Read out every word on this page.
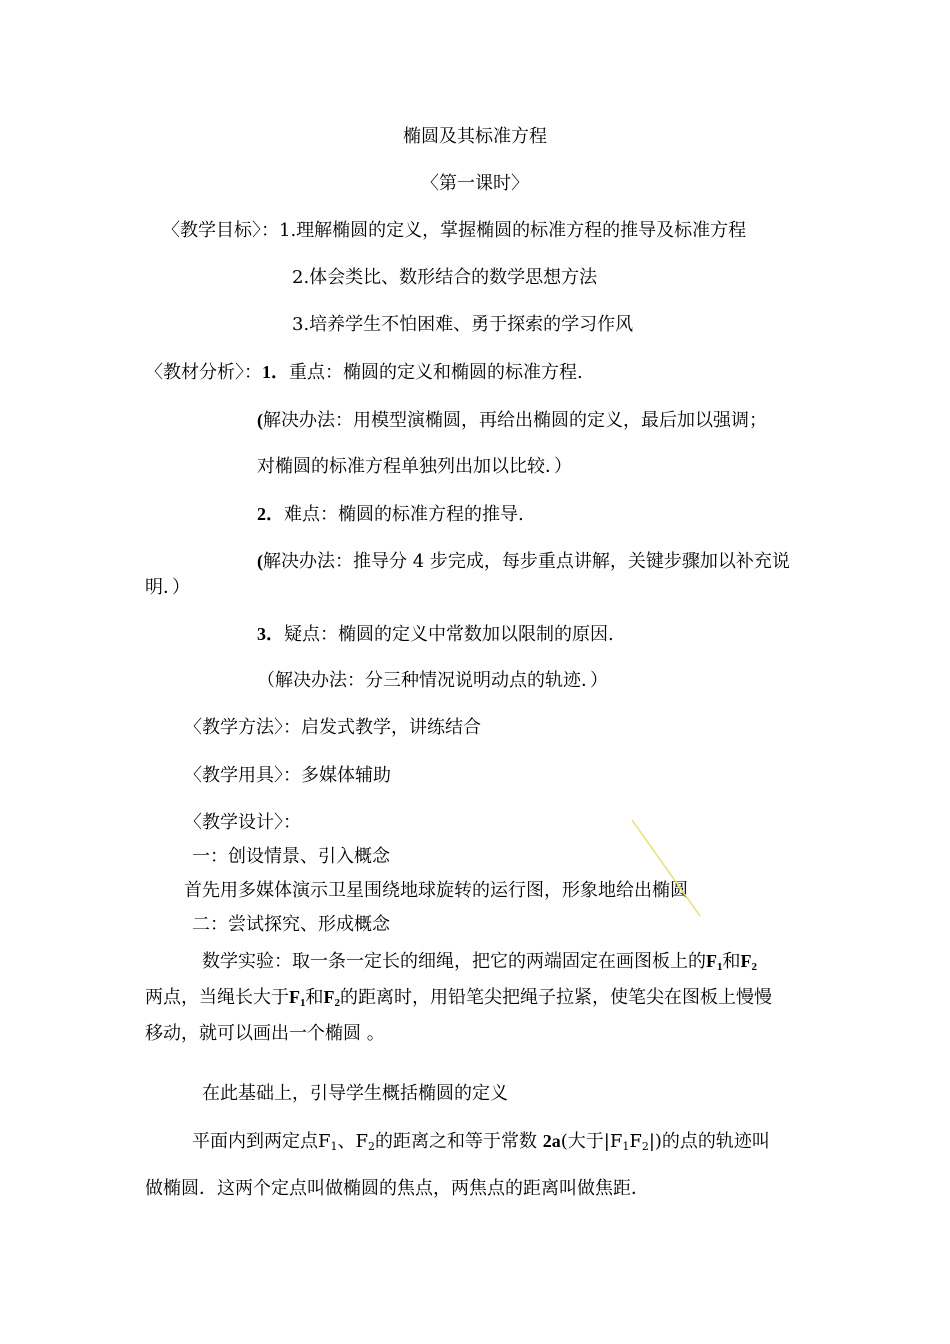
椭圆及其标准方程
〈第一课时〉
〈教学目标〉：1.理解椭圆的定义，掌握椭圆的标准方程的推导及标准方程
2.体会类比、数形结合的数学思想方法
3.培养学生不怕困难、勇于探索的学习作风
〈教材分析〉：1．重点：椭圆的定义和椭圆的标准方程.
(解决办法：用模型演椭圆，再给出椭圆的定义，最后加以强调；
对椭圆的标准方程单独列出加以比较．）
2．难点：椭圆的标准方程的推导.
(解决办法：推导分 4 步完成，每步重点讲解，关键步骤加以补充说
明．）
3．疑点：椭圆的定义中常数加以限制的原因.
（解决办法：分三种情况说明动点的轨迹．）
〈教学方法〉：启发式教学，讲练结合
〈教学用具〉：多媒体辅助
〈教学设计〉：
一：创设情景、引入概念
首先用多媒体演示卫星围绕地球旋转的运行图，形象地给出椭圆
二：尝试探究、形成概念
数学实验：取一条一定长的细绳，把它的两端固定在画图板上的$F_1$和$F_2$
两点，当绳长大于$F_1$和$F_2$的距离时，用铅笔尖把绳子拉紧，使笔尖在图板上慢慢
移动，就可以画出一个椭圆 。
在此基础上，引导学生概括椭圆的定义
平面内到两定点$F_1$、$F_2$的距离之和等于常数 2a(大于$|F_1F_2|$)的点的轨迹叫
做椭圆．这两个定点叫做椭圆的焦点，两焦点的距离叫做焦距．
